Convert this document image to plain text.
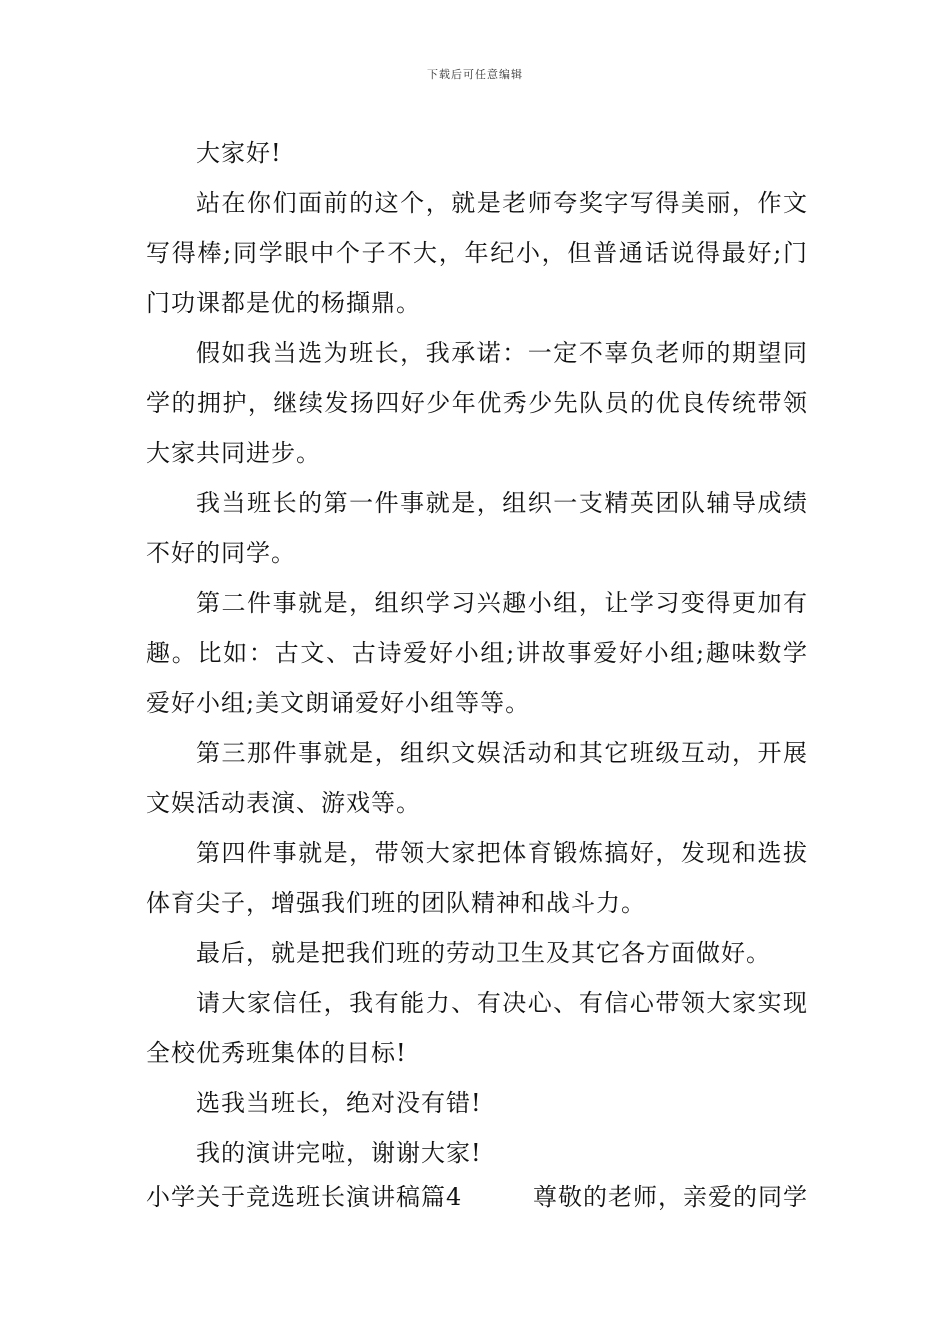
下载后可任意编辑

大家好!

站在你们面前的这个，就是老师夸奖字写得美丽，作文写得棒;同学眼中个子不大，年纪小，但普通话说得最好;门门功课都是优的杨擷鼎。

假如我当选为班长，我承诺：一定不辜负老师的期望同学的拥护，继续发扬四好少年优秀少先队员的优良传统带领大家共同进步。

我当班长的第一件事就是，组织一支精英团队辅导成绩不好的同学。

第二件事就是，组织学习兴趣小组，让学习变得更加有趣。比如：古文、古诗爱好小组;讲故事爱好小组;趣味数学爱好小组;美文朗诵爱好小组等等。

第三那件事就是，组织文娱活动和其它班级互动，开展文娱活动表演、游戏等。

第四件事就是，带领大家把体育锻炼搞好，发现和选拔体育尖子，增强我们班的团队精神和战斗力。

最后，就是把我们班的劳动卫生及其它各方面做好。

请大家信任，我有能力、有决心、有信心带领大家实现全校优秀班集体的目标!

选我当班长，绝对没有错!

我的演讲完啦，谢谢大家!

小学关于竞选班长演讲稿篇4	尊敬的老师，亲爱的同学
